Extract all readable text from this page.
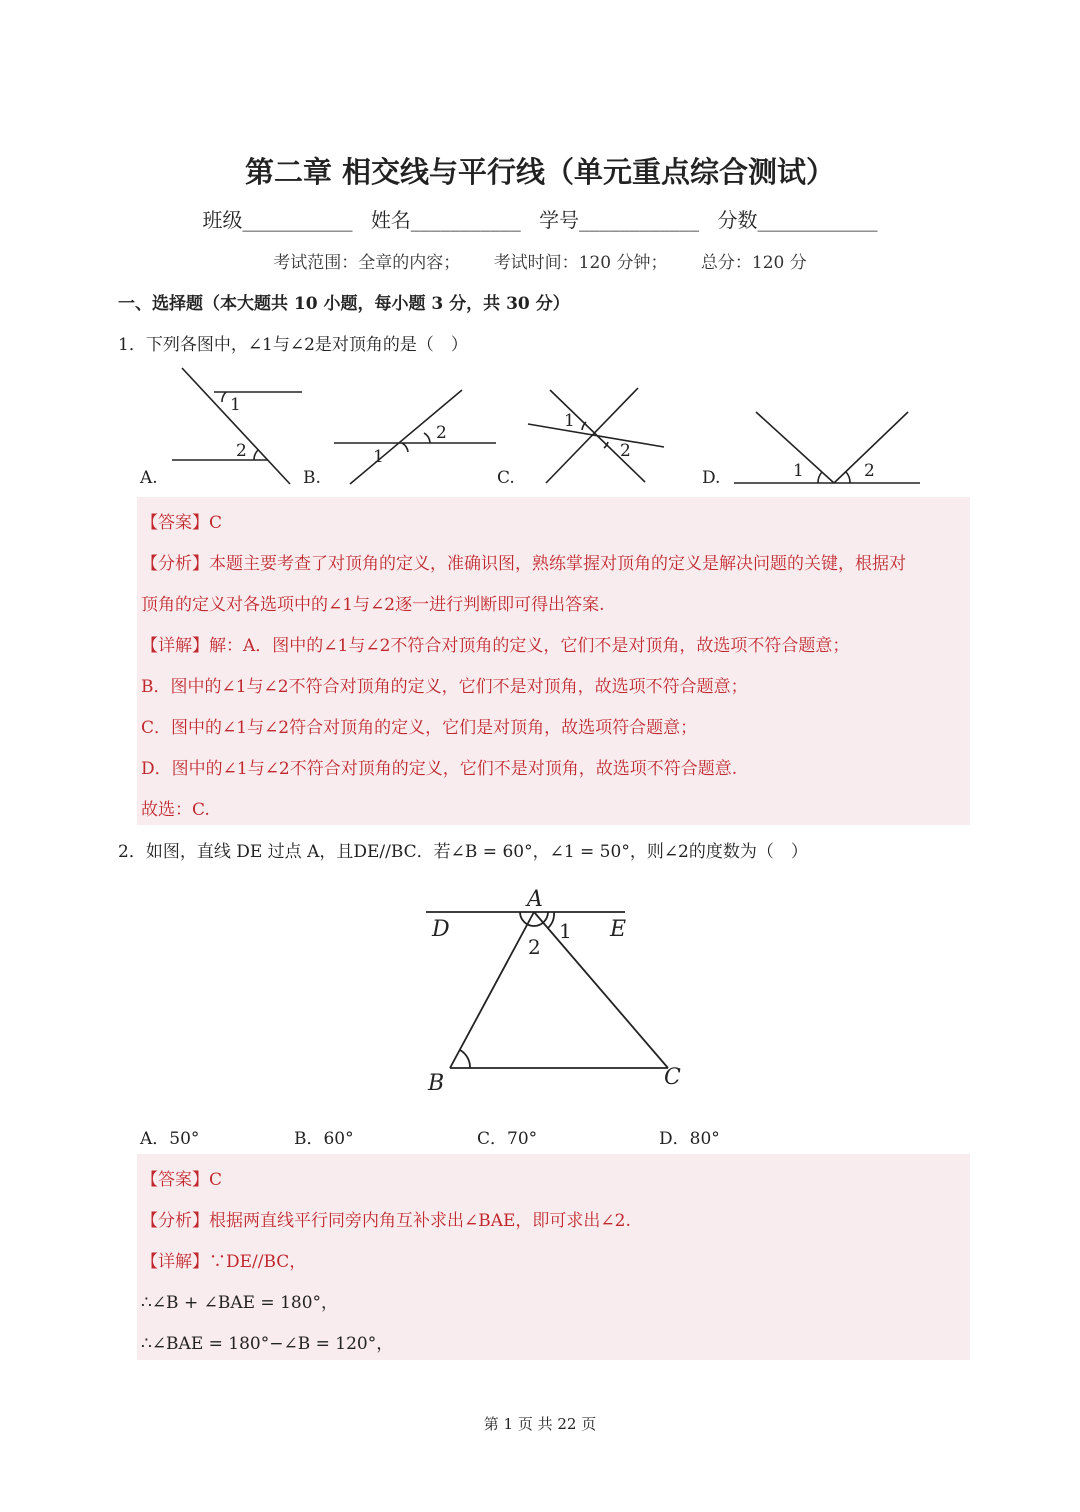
第二章 相交线与平行线（单元重点综合测试）
班级___________ 姓名___________ 学号____________ 分数____________
考试范围：全章的内容； 考试时间：120 分钟； 总分：120 分
一、选择题（本大题共 10 小题，每小题 3 分，共 30 分）
1．下列各图中，∠1与∠2是对顶角的是（　）
1
2
2
1
1
2
1	2
A.	B.	C.	D.
【答案】C
【分析】本题主要考查了对顶角的定义，准确识图，熟练掌握对顶角的定义是解决问题的关键，根据对
顶角的定义对各选项中的∠1与∠2逐一进行判断即可得出答案.
【详解】解：A．图中的∠1与∠2不符合对顶角的定义，它们不是对顶角，故选项不符合题意；
B．图中的∠1与∠2不符合对顶角的定义，它们不是对顶角，故选项不符合题意；
C．图中的∠1与∠2符合对顶角的定义，它们是对顶角，故选项符合题意；
D．图中的∠1与∠2不符合对顶角的定义，它们不是对顶角，故选项不符合题意.
故选：C.
2．如图，直线 DE 过点 A，且DE//BC．若∠B = 60°，∠1 = 50°，则∠2的度数为（　）
A
D	E
B	C
2
1
A．50°	B．60°	C．70°	D．80°
【答案】C
【分析】根据两直线平行同旁内角互补求出∠BAE，即可求出∠2.
【详解】∵DE//BC，
∴∠B + ∠BAE = 180°，
∴∠BAE = 180°−∠B = 120°，
第 1 页 共 22 页
